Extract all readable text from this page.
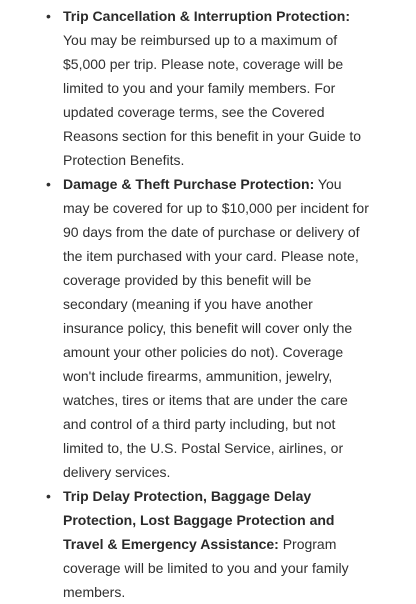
• Trip Cancellation & Interruption Protection: You may be reimbursed up to a maximum of $5,000 per trip. Please note, coverage will be limited to you and your family members. For updated coverage terms, see the Covered Reasons section for this benefit in your Guide to Protection Benefits.
• Damage & Theft Purchase Protection: You may be covered for up to $10,000 per incident for 90 days from the date of purchase or delivery of the item purchased with your card. Please note, coverage provided by this benefit will be secondary (meaning if you have another insurance policy, this benefit will cover only the amount your other policies do not). Coverage won't include firearms, ammunition, jewelry, watches, tires or items that are under the care and control of a third party including, but not limited to, the U.S. Postal Service, airlines, or delivery services.
• Trip Delay Protection, Baggage Delay Protection, Lost Baggage Protection and Travel & Emergency Assistance: Program coverage will be limited to you and your family members.
